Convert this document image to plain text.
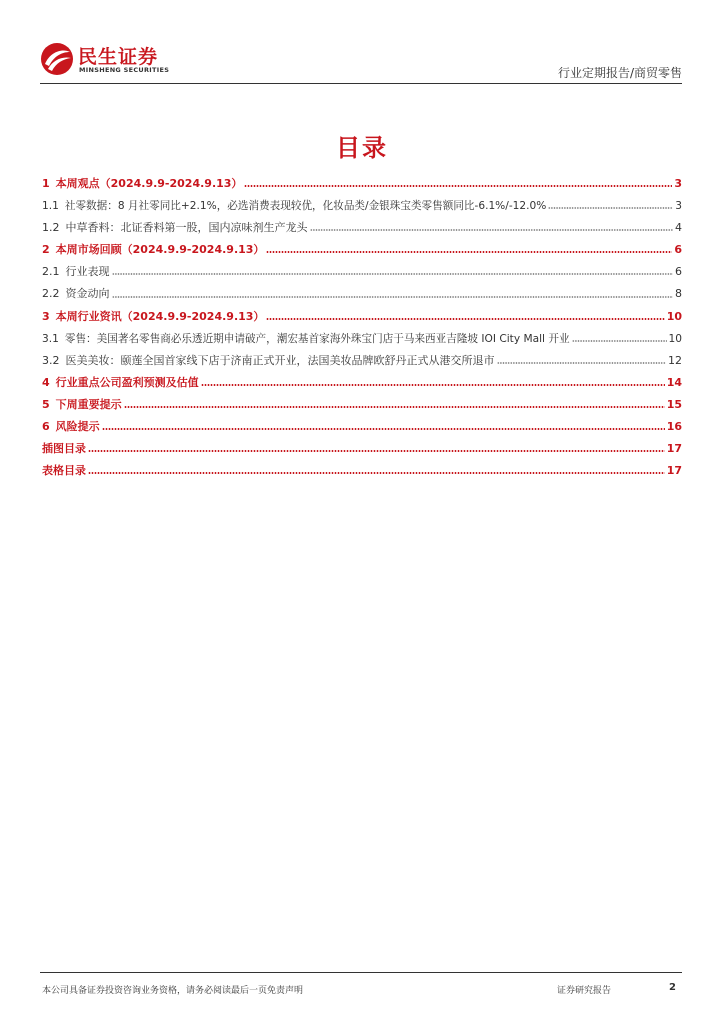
民生证券
MINSHENG SECURITIES	行业定期报告/商贸零售
目录
1 本周观点（2024.9.9-2024.9.13）	3
1.1 社零数据：8 月社零同比+2.1%，必选消费表现较优，化妆品类/金银珠宝类零售额同比-6.1%/-12.0%	3
1.2 中草香料：北证香料第一股，国内凉味剂生产龙头	4
2 本周市场回顾（2024.9.9-2024.9.13）	6
2.1 行业表现	6
2.2 资金动向	8
3 本周行业资讯（2024.9.9-2024.9.13）	10
3.1 零售：美国著名零售商必乐透近期申请破产，潮宏基首家海外珠宝门店于马来西亚吉隆坡 IOI City Mall 开业	10
3.2 医美美妆：颐莲全国首家线下店于济南正式开业，法国美妆品牌欧舒丹正式从港交所退市	12
4 行业重点公司盈利预测及估值	14
5 下周重要提示	15
6 风险提示	16
插图目录	17
表格目录	17
本公司具备证券投资咨询业务资格，请务必阅读最后一页免责声明	证券研究报告	2
